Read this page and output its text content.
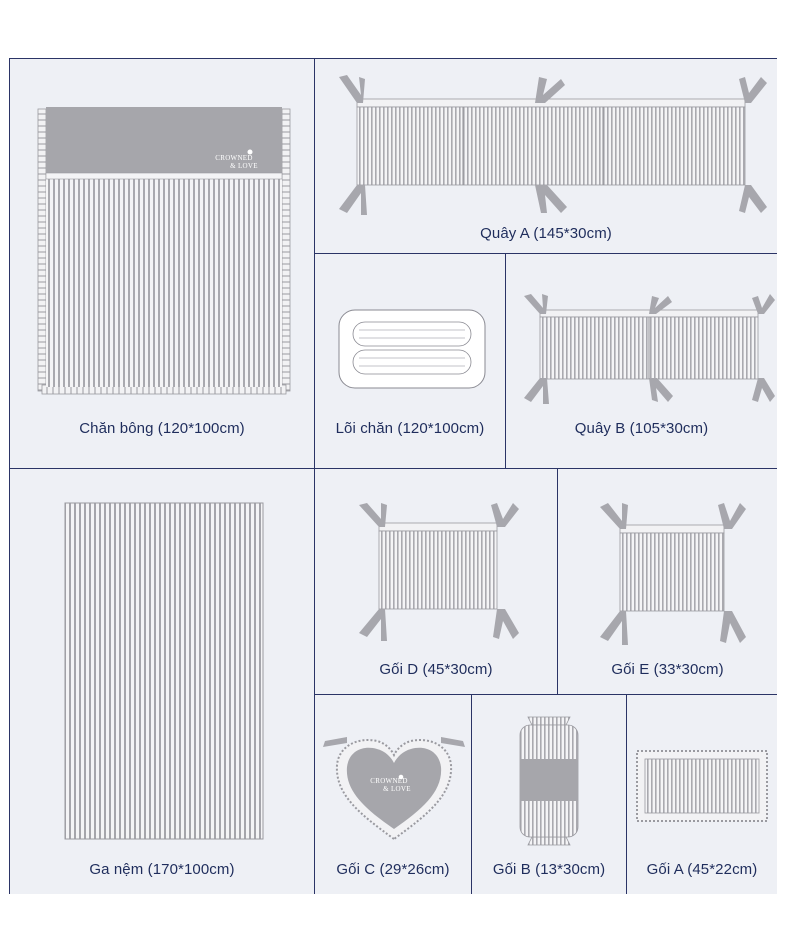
CROWNED
& LOVE
Chăn bông (120*100cm)
Quây A (145*30cm)
Lõi chăn (120*100cm)	Quây B (105*30cm)
Ga nệm (170*100cm)
Gối D (45*30cm)	Gối E (33*30cm)
CROWNED
& LOVE
Gối C (29*26cm)	Gối B (13*30cm)	Gối A (45*22cm)
